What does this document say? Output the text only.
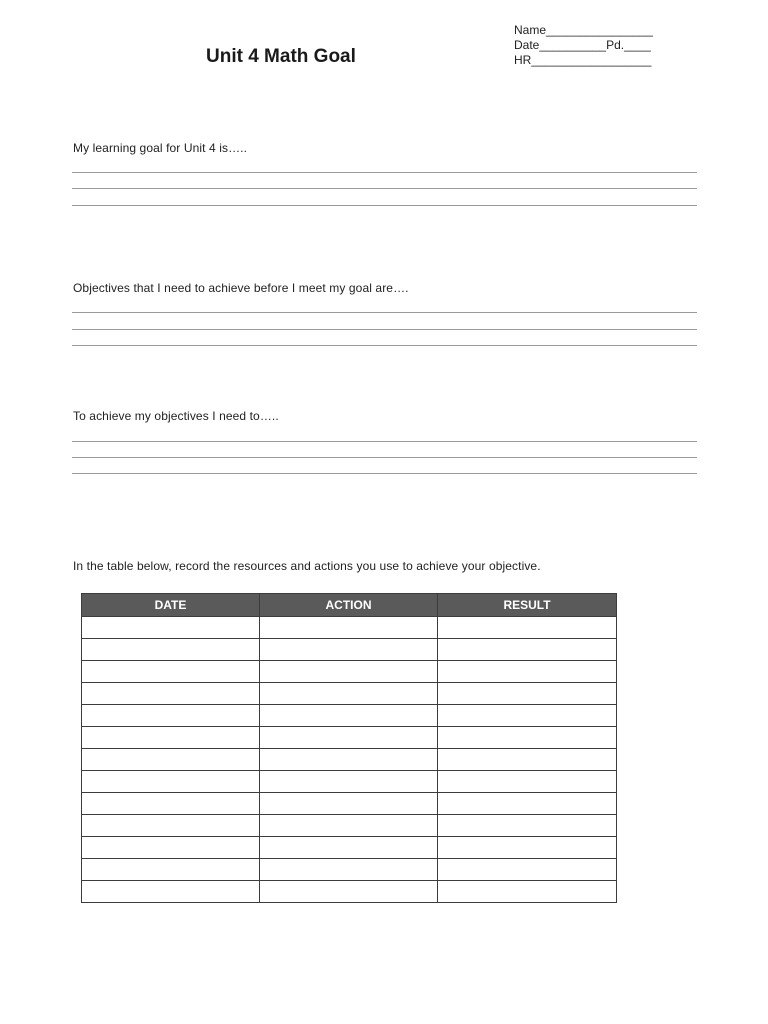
Name________________
Date__________Pd.____
HR__________________
Unit 4 Math Goal

My learning goal for Unit 4 is…..

Objectives that I need to achieve before I meet my goal are….

To achieve my objectives I need to…..

In the table below, record the resources and actions you use to achieve your objective.

DATE	ACTION	RESULT
